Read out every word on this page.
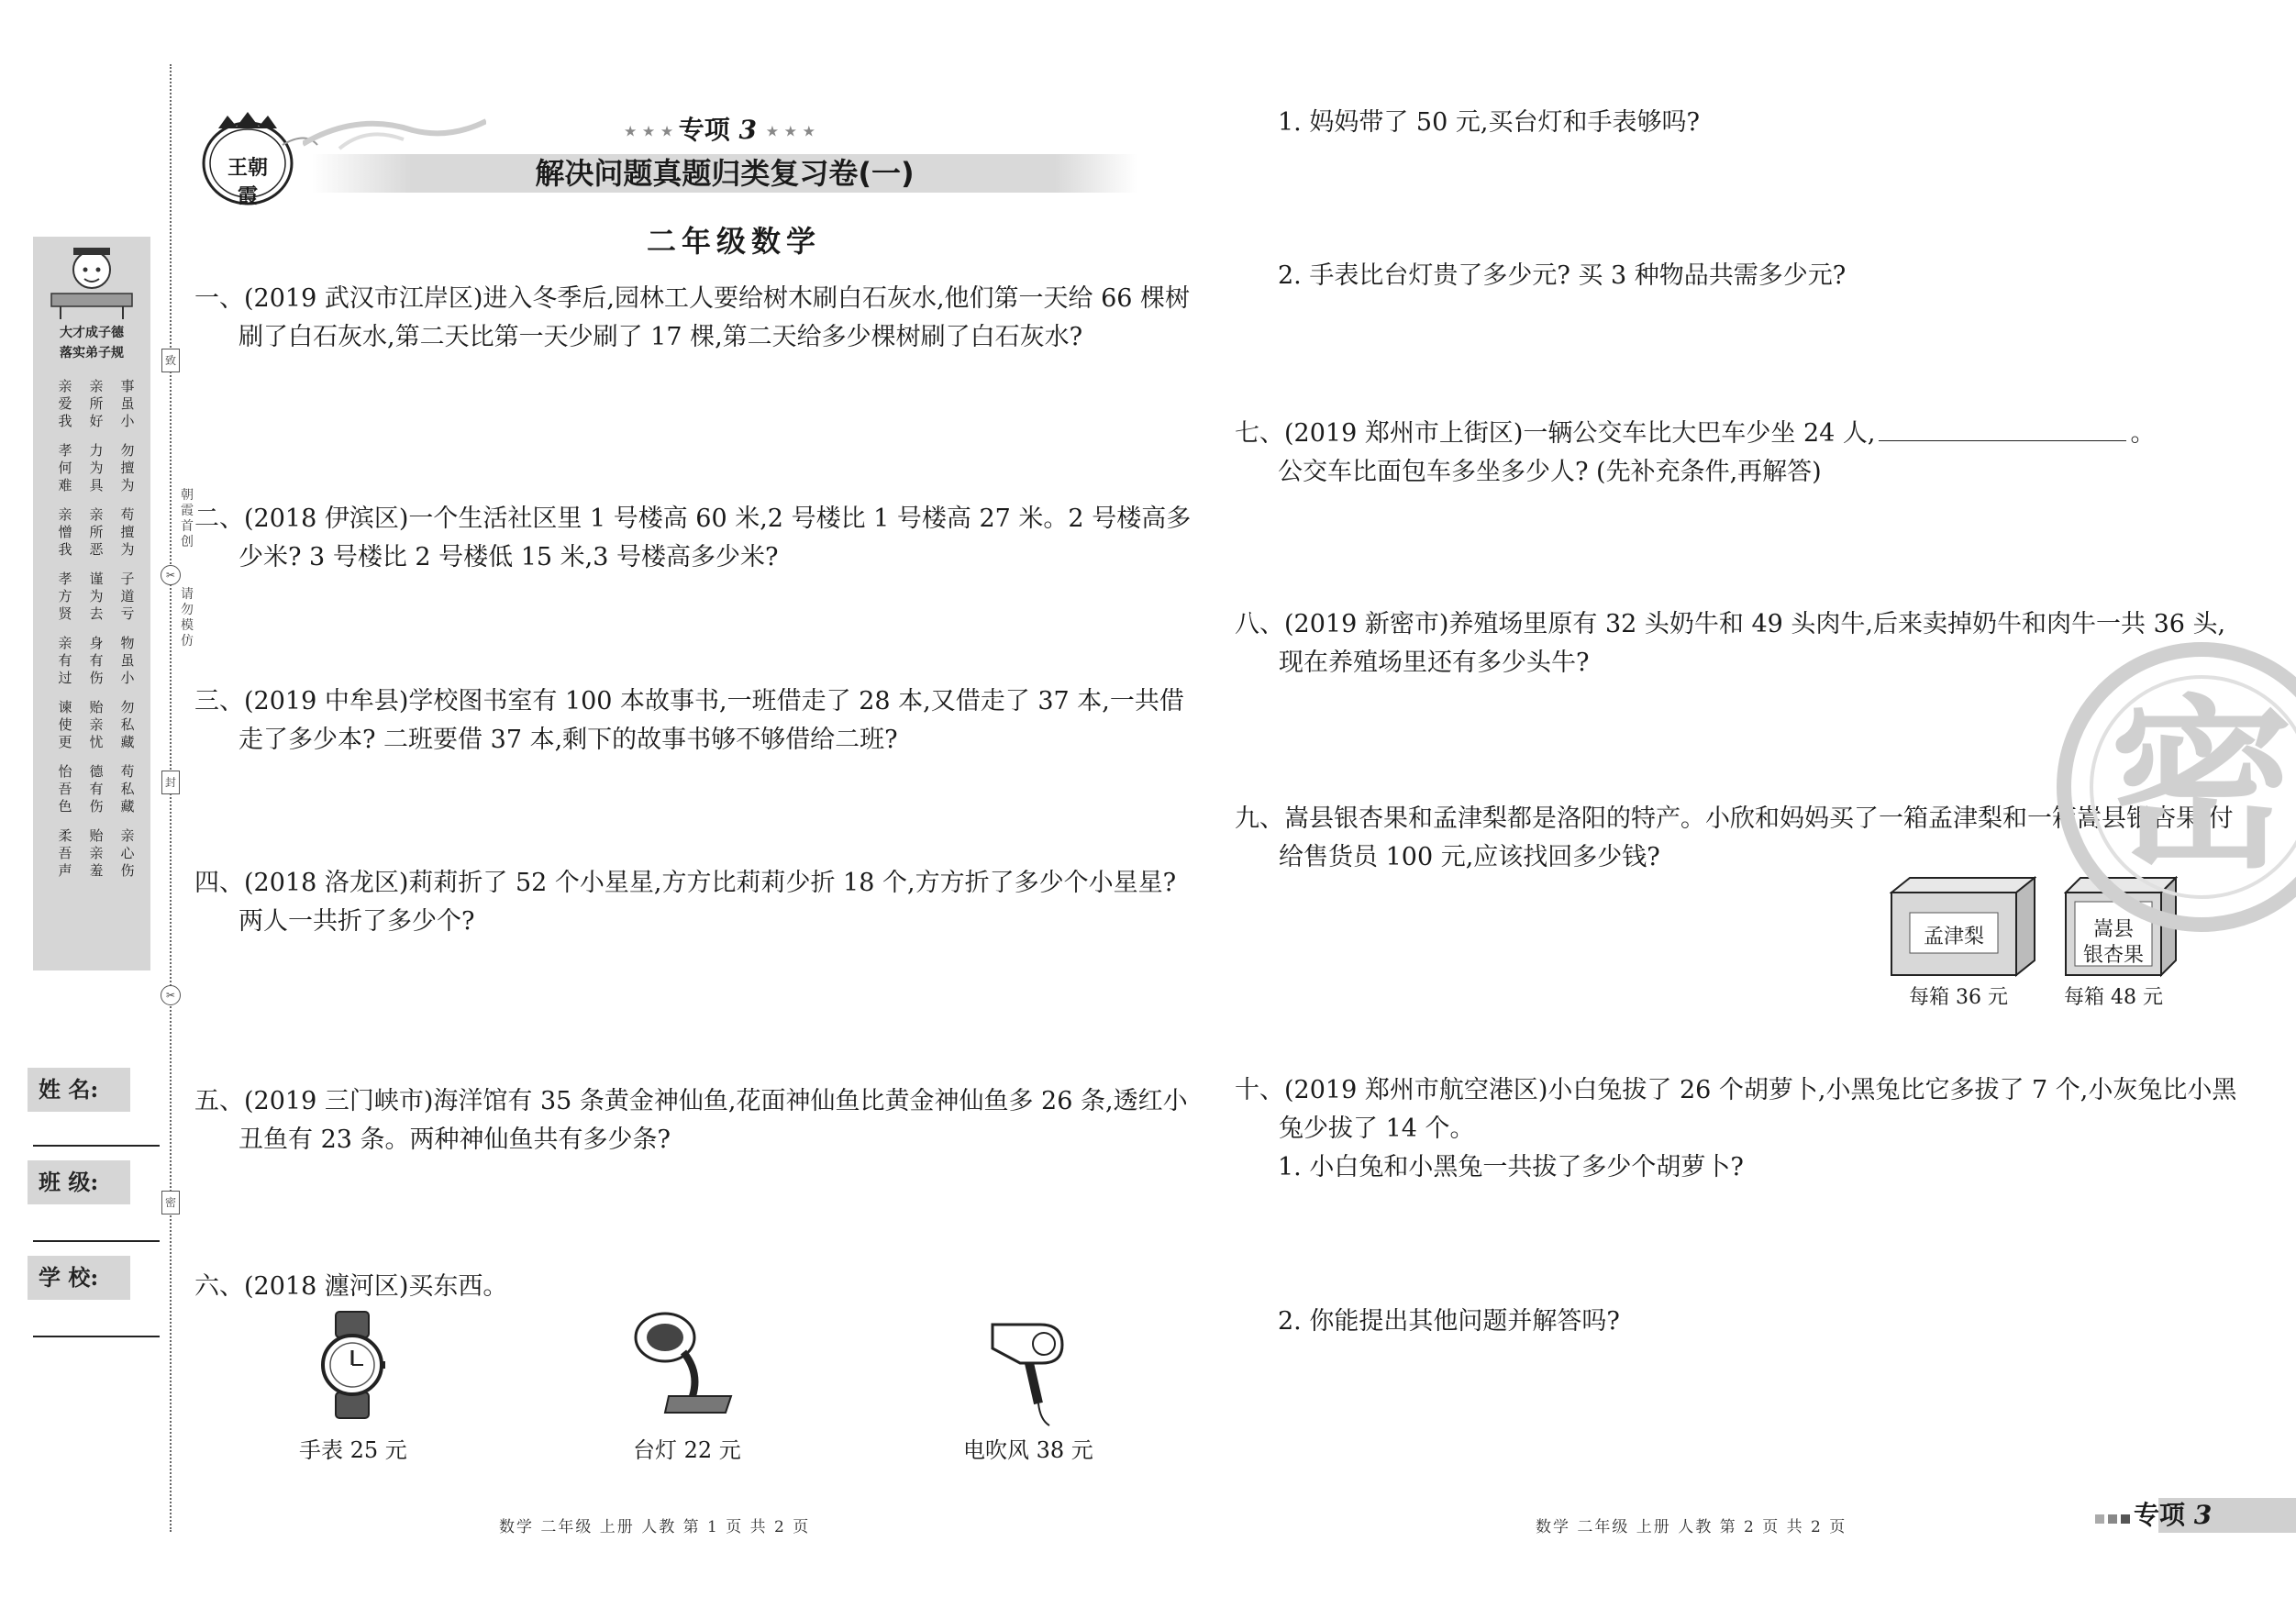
王朝霞
★ ★ ★ 专项 3 ★ ★ ★
解决问题真题归类复习卷(一)
二年级数学
大才成子德
落实弟子规
亲	亲	事
爱	所	虽
我	好	小
孝	力	勿
何	为	擅
难	具	为
亲	亲	苟
憎	所	擅
我	恶	为
孝	谨	子
方	为	道
贤	去	亏
亲	身	物
有	有	虽
过	伤	小
谏	贻	勿
使	亲	私
更	忧	藏
怡	德	苟
吾	有	私
色	伤	藏
柔	贻	亲
吾	亲	心
声	羞	伤
姓 名:
班 级:
学 校:
致
朝霞首创
✂
请勿模仿
封
✂
密
一、(2019 武汉市江岸区)进入冬季后,园林工人要给树木刷白石灰水,他们第一天给 66 棵树刷了白石灰水,第二天比第一天少刷了 17 棵,第二天给多少棵树刷了白石灰水?
二、(2018 伊滨区)一个生活社区里 1 号楼高 60 米,2 号楼比 1 号楼高 27 米。2 号楼高多少米? 3 号楼比 2 号楼低 15 米,3 号楼高多少米?
三、(2019 中牟县)学校图书室有 100 本故事书,一班借走了 28 本,又借走了 37 本,一共借走了多少本? 二班要借 37 本,剩下的故事书够不够借给二班?
四、(2018 洛龙区)莉莉折了 52 个小星星,方方比莉莉少折 18 个,方方折了多少个小星星? 两人一共折了多少个?
五、(2019 三门峡市)海洋馆有 35 条黄金神仙鱼,花面神仙鱼比黄金神仙鱼多 26 条,透红小丑鱼有 23 条。两种神仙鱼共有多少条?
六、(2018 瀍河区)买东西。
手表 25 元	台灯 22 元	电吹风 38 元
1. 妈妈带了 50 元,买台灯和手表够吗?
2. 手表比台灯贵了多少元? 买 3 种物品共需多少元?
七、(2019 郑州市上街区)一辆公交车比大巴车少坐 24 人,	。
公交车比面包车多坐多少人? (先补充条件,再解答)
八、(2019 新密市)养殖场里原有 32 头奶牛和 49 头肉牛,后来卖掉奶牛和肉牛一共 36 头,现在养殖场里还有多少头牛?
九、嵩县银杏果和孟津梨都是洛阳的特产。小欣和妈妈买了一箱孟津梨和一箱嵩县银杏果,付给售货员 100 元,应该找回多少钱?
孟津梨
每箱 36 元
嵩县
银杏果
每箱 48 元
十、(2019 郑州市航空港区)小白兔拔了 26 个胡萝卜,小黑兔比它多拔了 7 个,小灰兔比小黑兔少拔了 14 个。
1. 小白兔和小黑兔一共拔了多少个胡萝卜?
2. 你能提出其他问题并解答吗?
密
数学 二年级 上册 人教 第 1 页 共 2 页	数学 二年级 上册 人教 第 2 页 共 2 页	专项 3
